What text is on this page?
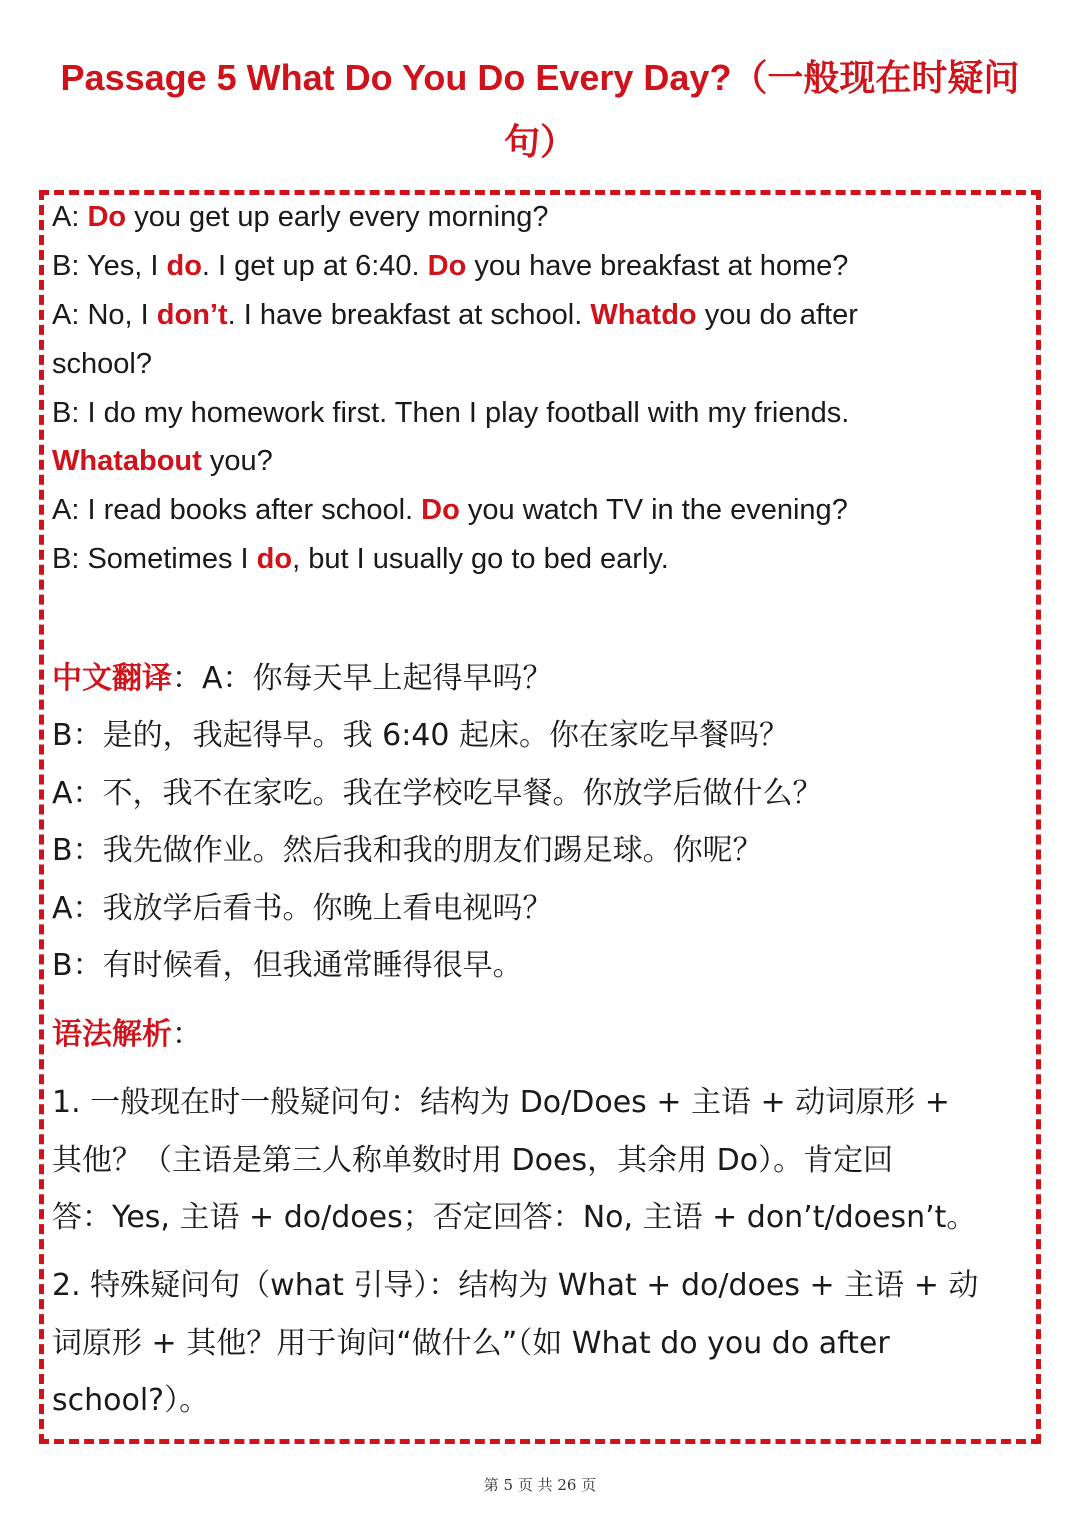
Passage 5 What Do You Do Every Day?（一般现在时疑问
句）
A: Do you get up early every morning?
B: Yes, I do. I get up at 6:40. Do you have breakfast at home?
A: No, I don’t. I have breakfast at school. Whatdo you do after
school?
B: I do my homework first. Then I play football with my friends.
Whatabout you?
A: I read books after school. Do you watch TV in the evening?
B: Sometimes I do, but I usually go to bed early.
中文翻译：A：你每天早上起得早吗？
B：是的，我起得早。我 6:40 起床。你在家吃早餐吗？
A：不，我不在家吃。我在学校吃早餐。你放学后做什么？
B：我先做作业。然后我和我的朋友们踢足球。你呢？
A：我放学后看书。你晚上看电视吗？
B：有时候看，但我通常睡得很早。
语法解析：
1. 一般现在时一般疑问句：结构为 Do/Does + 主语 + 动词原形 +
其他？（主语是第三人称单数时用 Does，其余用 Do）。肯定回
答：Yes, 主语 + do/does；否定回答：No, 主语 + don’t/doesn’t。
2. 特殊疑问句（what 引导）：结构为 What + do/does + 主语 + 动
词原形 + 其他？用于询问“做什么”（如 What do you do after
school?）。
第 5 页 共 26 页
